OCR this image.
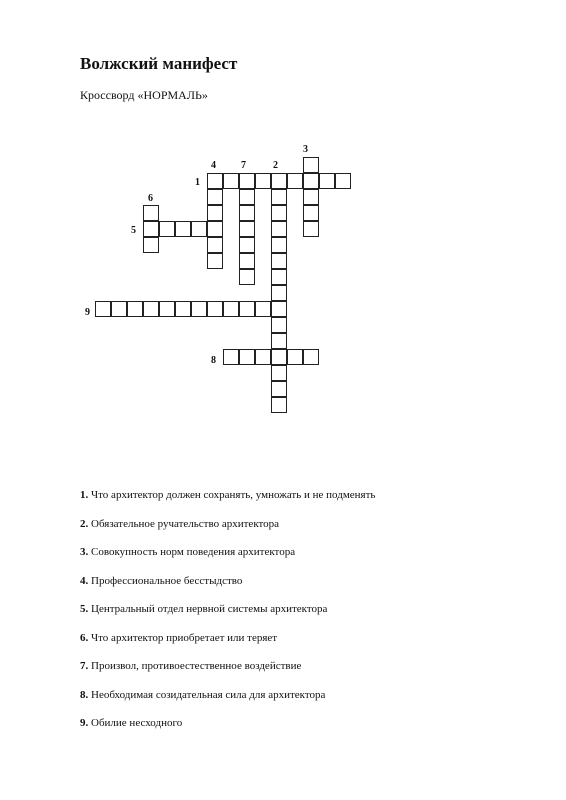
Волжский манифест
Кроссворд «НОРМАЛЬ»
3
4	7	2
1
6
5
9
8
1. Что архитектор должен сохранять, умножать и не подменять
2. Обязательное ручательство архитектора
3. Совокупность норм поведения архитектора
4. Профессиональное бесстыдство
5. Центральный отдел нервной системы архитектора
6. Что архитектор приобретает или теряет
7. Произвол, противоестественное воздействие
8. Необходимая созидательная сила для архитектора
9. Обилие несходного
